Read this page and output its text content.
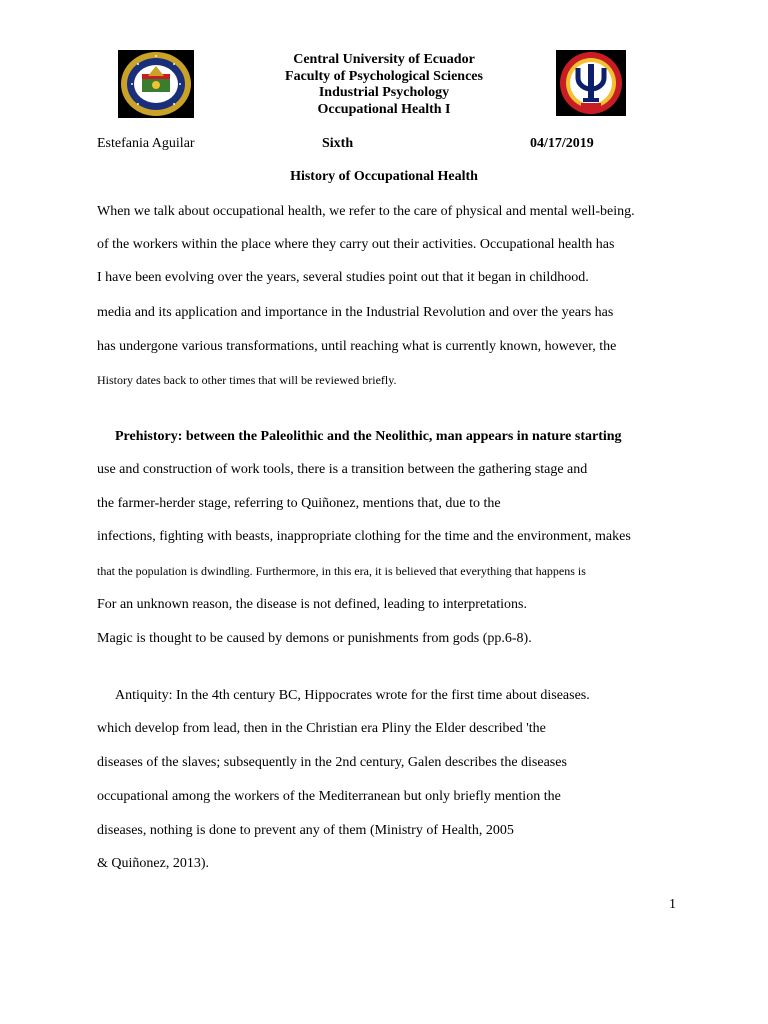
Central University of Ecuador
Faculty of Psychological Sciences
Industrial Psychology
Occupational Health I
Estefania Aguilar	Sixth	04/17/2019
History of Occupational Health
When we talk about occupational health, we refer to the care of physical and mental well-being.
of the workers within the place where they carry out their activities. Occupational health has
I have been evolving over the years, several studies point out that it began in childhood.
media and its application and importance in the Industrial Revolution and over the years has
has undergone various transformations, until reaching what is currently known, however, the
History dates back to other times that will be reviewed briefly.
Prehistory: between the Paleolithic and the Neolithic, man appears in nature starting
use and construction of work tools, there is a transition between the gathering stage and
the farmer-herder stage, referring to Quiñonez, mentions that, due to the
infections, fighting with beasts, inappropriate clothing for the time and the environment, makes
that the population is dwindling. Furthermore, in this era, it is believed that everything that happens is
For an unknown reason, the disease is not defined, leading to interpretations.
Magic is thought to be caused by demons or punishments from gods (pp.6-8).
Antiquity: In the 4th century BC, Hippocrates wrote for the first time about diseases.
which develop from lead, then in the Christian era Pliny the Elder described 'the
diseases of the slaves; subsequently in the 2nd century, Galen describes the diseases
occupational among the workers of the Mediterranean but only briefly mention the
diseases, nothing is done to prevent any of them (Ministry of Health, 2005
& Quiñonez, 2013).
1
